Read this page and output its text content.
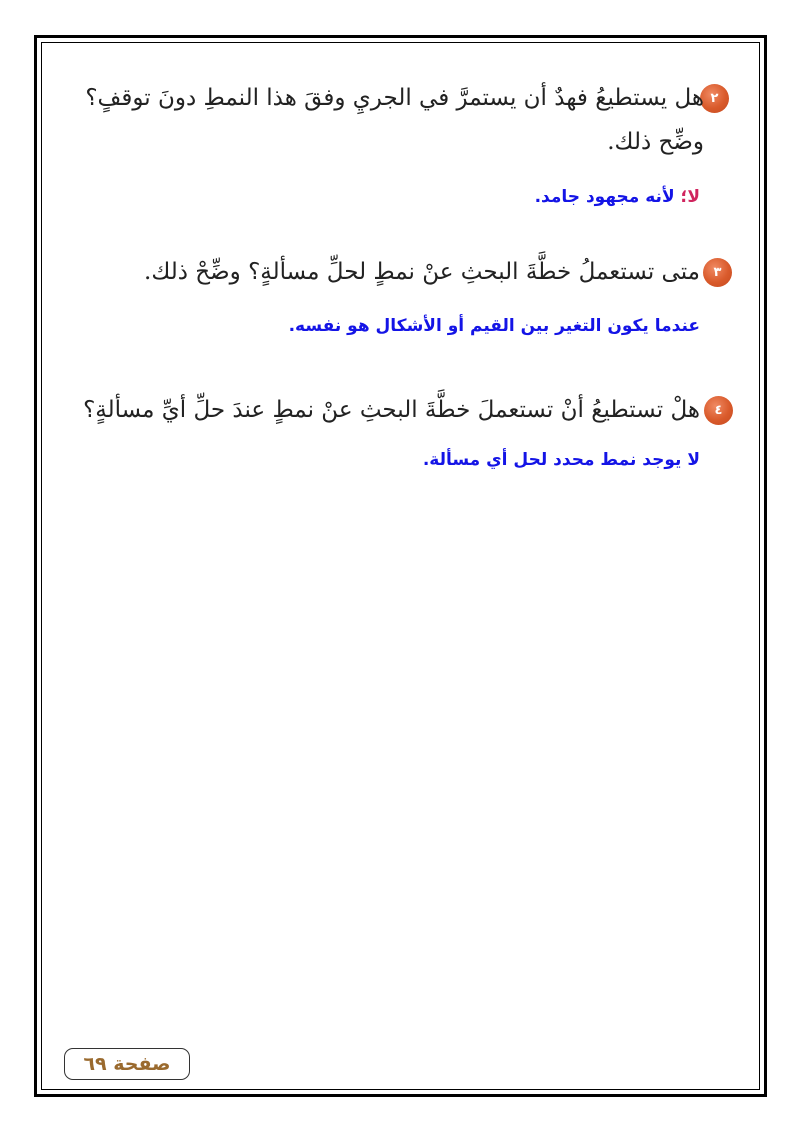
٢
هل يستطيعُ فهدٌ أن يستمرَّ في الجريِ وفقَ هذا النمطِ دونَ توقفٍ؟
وضِّح ذلك.
لا؛ لأنه مجهود جامد.
٣
متى تستعملُ خطَّةَ البحثِ عنْ نمطٍ لحلِّ مسألةٍ؟ وضِّحْ ذلك.
عندما يكون التغير بين القيم أو الأشكال هو نفسه.
٤
هلْ تستطيعُ أنْ تستعملَ خطَّةَ البحثِ عنْ نمطٍ عندَ حلِّ أيِّ مسألةٍ؟
لا يوجد نمط محدد لحل أي مسألة.
صفحة ٦٩
